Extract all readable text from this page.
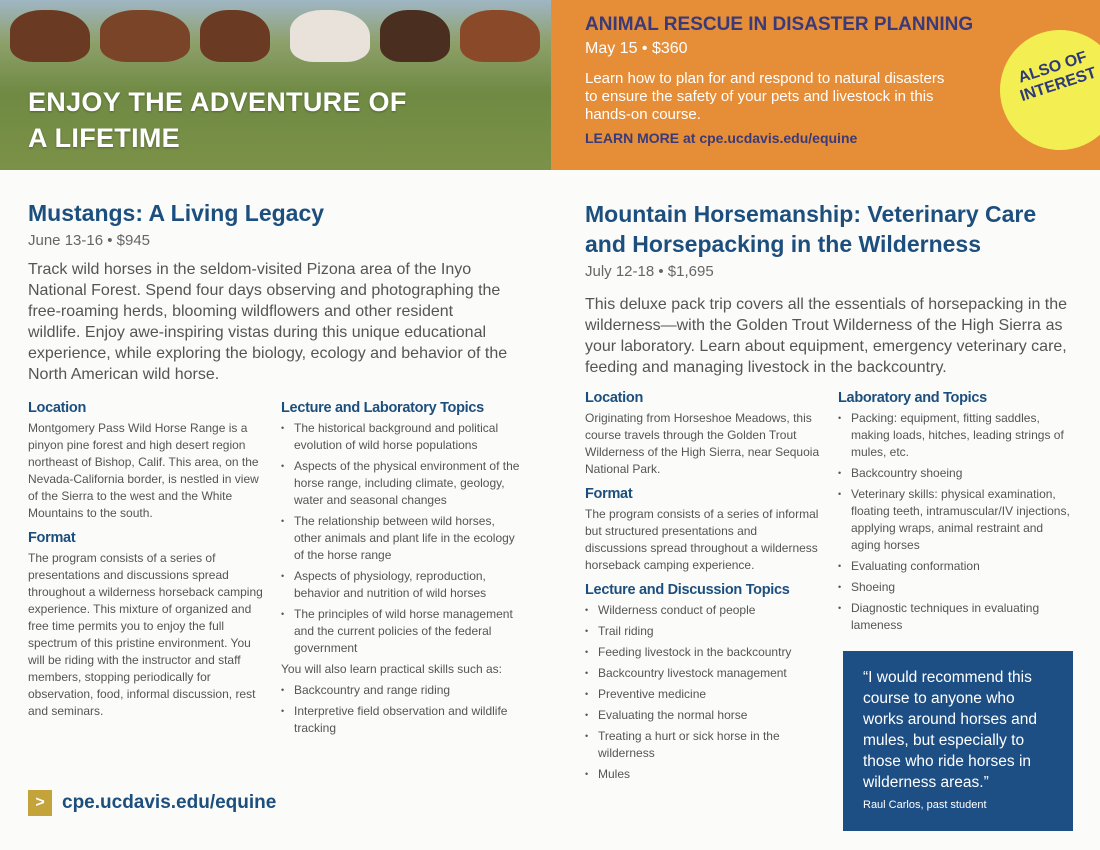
ENJOY THE ADVENTURE OF A LIFETIME
ANIMAL RESCUE IN DISASTER PLANNING
May 15 • $360

Learn how to plan for and respond to natural disasters to ensure the safety of your pets and livestock in this hands-on course.

LEARN MORE at cpe.ucdavis.edu/equine
ALSO OF INTEREST
Mustangs: A Living Legacy
June 13-16 • $945
Track wild horses in the seldom-visited Pizona area of the Inyo National Forest. Spend four days observing and photographing the free-roaming herds, blooming wildflowers and other resident wildlife. Enjoy awe-inspiring vistas during this unique educational experience, while exploring the biology, ecology and behavior of the North American wild horse.
Location
Montgomery Pass Wild Horse Range is a pinyon pine forest and high desert region northeast of Bishop, Calif. This area, on the Nevada-California border, is nestled in view of the Sierra to the west and the White Mountains to the south.
Format
The program consists of a series of presentations and discussions spread throughout a wilderness horseback camping experience. This mixture of organized and free time permits you to enjoy the full spectrum of this pristine environment. You will be riding with the instructor and staff members, stopping periodically for observation, food, informal discussion, rest and seminars.
Lecture and Laboratory Topics
• The historical background and political evolution of wild horse populations
• Aspects of the physical environment of the horse range, including climate, geology, water and seasonal changes
• The relationship between wild horses, other animals and plant life in the ecology of the horse range
• Aspects of physiology, reproduction, behavior and nutrition of wild horses
• The principles of wild horse management and the current policies of the federal government
You will also learn practical skills such as:
• Backcountry and range riding
• Interpretive field observation and wildlife tracking
> cpe.ucdavis.edu/equine
Mountain Horsemanship: Veterinary Care and Horsepacking in the Wilderness
July 12-18 • $1,695
This deluxe pack trip covers all the essentials of horsepacking in the wilderness—with the Golden Trout Wilderness of the High Sierra as your laboratory. Learn about equipment, emergency veterinary care, feeding and managing livestock in the backcountry.
Location
Originating from Horseshoe Meadows, this course travels through the Golden Trout Wilderness of the High Sierra, near Sequoia National Park.
Format
The program consists of a series of informal but structured presentations and discussions spread throughout a wilderness horseback camping experience.
Lecture and Discussion Topics
• Wilderness conduct of people
• Trail riding
• Feeding livestock in the backcountry
• Backcountry livestock management
• Preventive medicine
• Evaluating the normal horse
• Treating a hurt or sick horse in the wilderness
• Mules
Laboratory and Topics
• Packing: equipment, fitting saddles, making loads, hitches, leading strings of mules, etc.
• Backcountry shoeing
• Veterinary skills: physical examination, floating teeth, intramuscular/IV injections, applying wraps, animal restraint and aging horses
• Evaluating conformation
• Shoeing
• Diagnostic techniques in evaluating lameness
“I would recommend this course to anyone who works around horses and mules, but especially to those who ride horses in wilderness areas.”
Raul Carlos, past student
